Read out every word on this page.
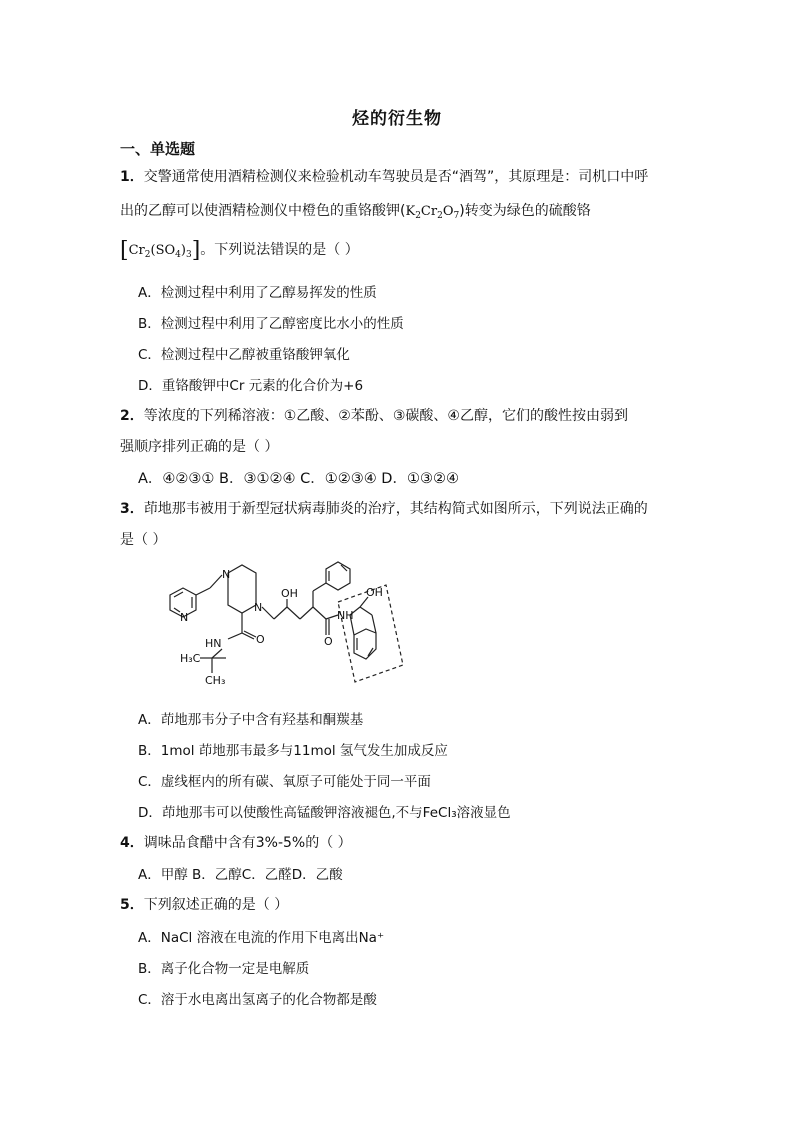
烃的衍生物
一、单选题
1．交警通常使用酒精检测仪来检验机动车驾驶员是否“酒驾”，其原理是：司机口中呼
出的乙醇可以使酒精检测仪中橙色的重铬酸钾$(K_2Cr_2O_7)$转变为绿色的硫酸铬
$[Cr_2(SO_4)_3]$。下列说法错误的是（ ）
A．检测过程中利用了乙醇易挥发的性质
B．检测过程中利用了乙醇密度比水小的性质
C．检测过程中乙醇被重铬酸钾氧化
D．重铬酸钾中Cr 元素的化合价为+6
2．等浓度的下列稀溶液：①乙酸、②苯酚、③碳酸、④乙醇，它们的酸性按由弱到
强顺序排列正确的是（ ）
A．④②③① B．③①②④ C．①②③④ D．①③②④
3．茚地那韦被用于新型冠状病毒肺炎的治疗，其结构简式如图所示，下列说法正确的
是（ ）
N
N
N
OH
O	O
HN
H₃C
CH₃
NH
OH
A．茚地那韦分子中含有羟基和酮羰基
B．1mol 茚地那韦最多与11mol 氢气发生加成反应
C．虚线框内的所有碳、氧原子可能处于同一平面
D．茚地那韦可以使酸性高锰酸钾溶液褪色,不与FeCl₃溶液显色
4．调味品食醋中含有3%-5%的（ ）
A．甲醇 B．乙醇C．乙醛D．乙酸
5．下列叙述正确的是（ ）
A．NaCl 溶液在电流的作用下电离出Na⁺
B．离子化合物一定是电解质
C．溶于水电离出氢离子的化合物都是酸
